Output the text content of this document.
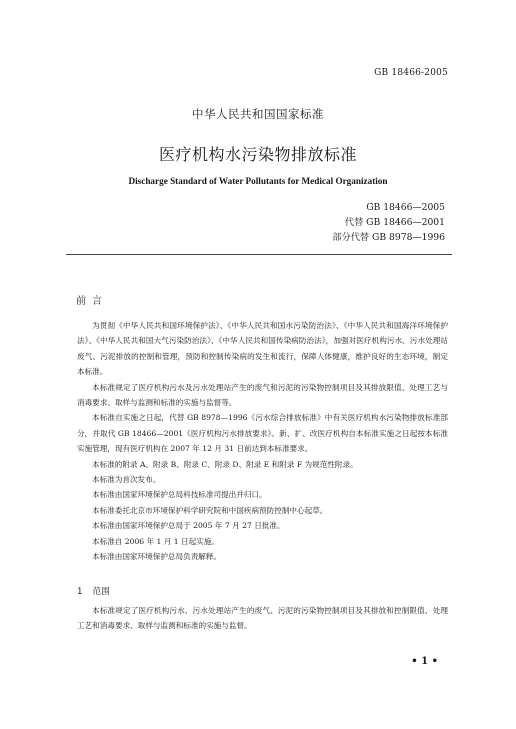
GB 18466-2005
中华人民共和国国家标准
医疗机构水污染物排放标准
Discharge Standard of Water Pollutants for Medical Organization
GB 18466—2005
代替 GB 18466—2001
部分代替 GB 8978—1996
前言

为贯彻《中华人民共和国环境保护法》、《中华人民共和国水污染防治法》、《中华人民共和国海洋环境保护法》、《中华人民共和国大气污染防治法》、《中华人民共和国传染病防治法》，加强对医疗机构污水、污水处理站废气、污泥排放的控制和管理，预防和控制传染病的发生和流行，保障人体健康，维护良好的生态环境，制定本标准。

本标准规定了医疗机构污水及污水处理站产生的废气和污泥的污染物控制项目及其排放限值、处理工艺与消毒要求、取样与监测和标准的实施与监督等。

本标准自实施之日起，代替 GB 8978—1996《污水综合排放标准》中有关医疗机构水污染物排放标准部分，并取代 GB 18466—2001《医疗机构污水排放要求》。新、扩、改医疗机构自本标准实施之日起按本标准实施管理，现有医疗机构在 2007 年 12 月 31 日前达到本标准要求。

本标准的附录 A、附录 B、附录 C、附录 D、附录 E 和附录 F 为规范性附录。

本标准为首次发布。

本标准由国家环境保护总局科技标准司提出并归口。

本标准委托北京市环境保护科学研究院和中国疾病预防控制中心起草。

本标准由国家环境保护总局于 2005 年 7 月 27 日批准。

本标准自 2006 年 1 月 1 日起实施。

本标准由国家环境保护总局负责解释。

1 范围

本标准规定了医疗机构污水、污水处理站产生的废气、污泥的污染物控制项目及其排放和控制限值、处理工艺和消毒要求、取样与监测和标准的实施与监督。

• 1 •
